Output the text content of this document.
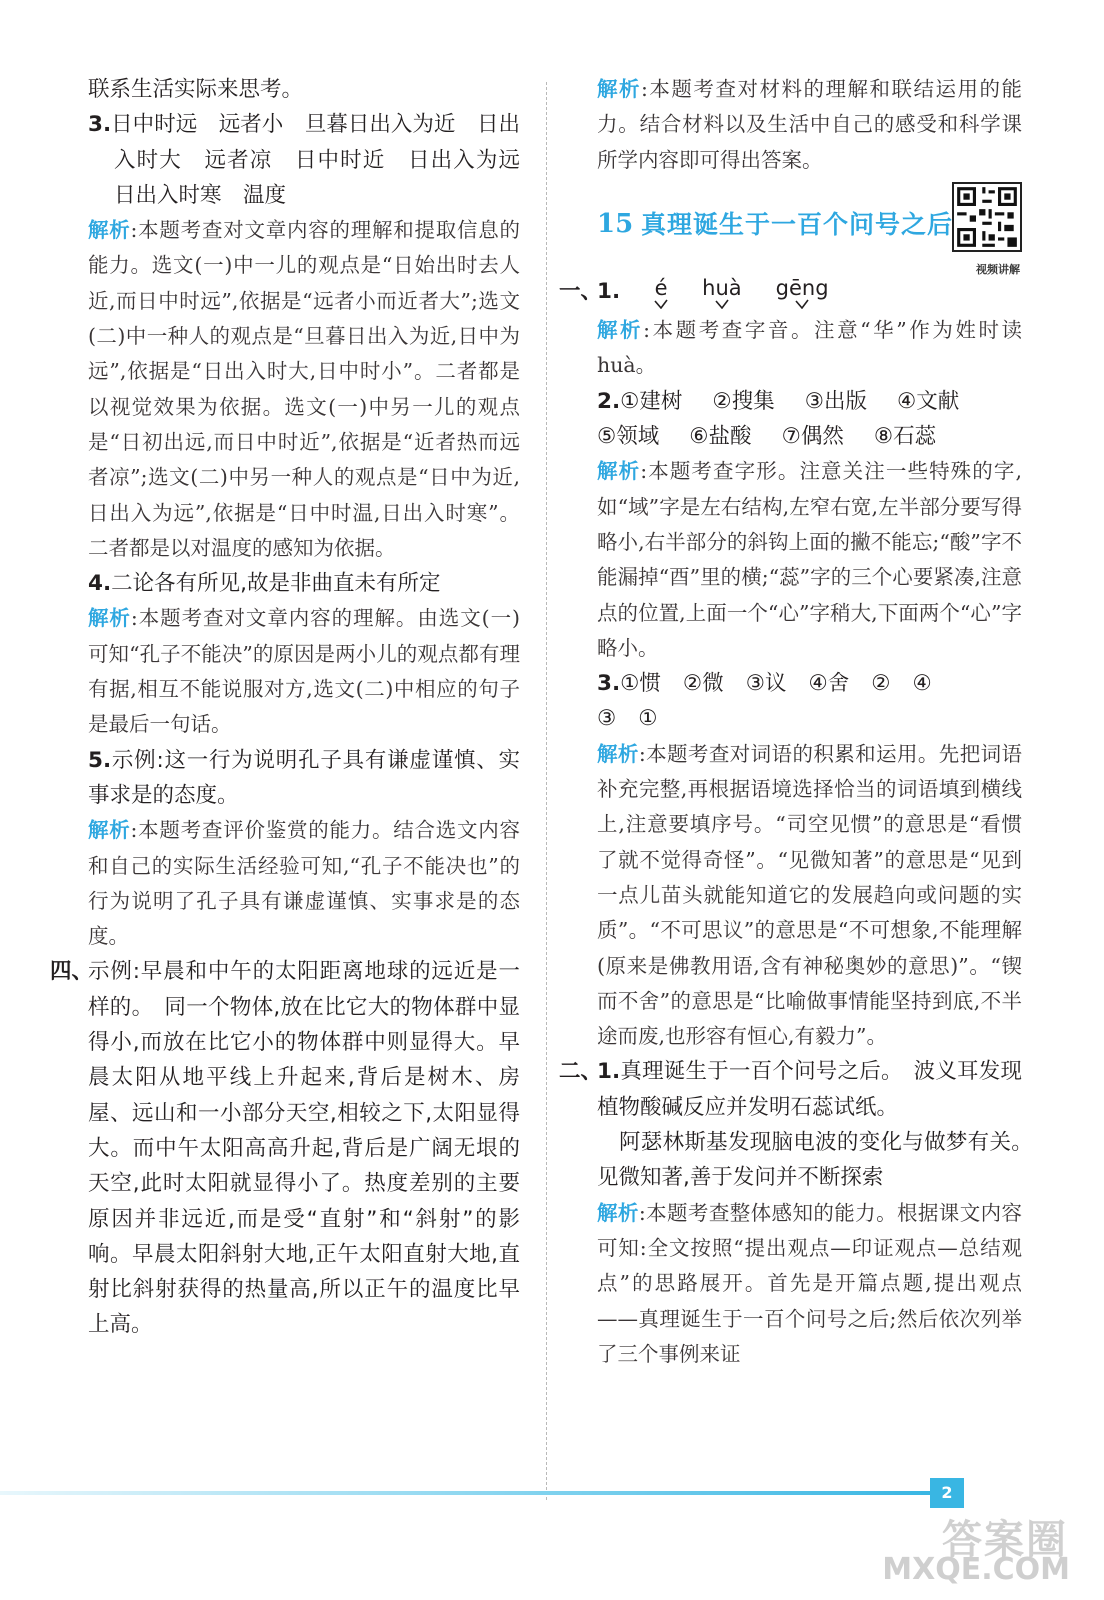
联系生活实际来思考。

3.日中时远　远者小　旦暮日出入为近　日出入时大　远者凉　日中时近　日出入为远　日出入时寒　温度

解析:本题考查对文章内容的理解和提取信息的能力。选文(一)中一儿的观点是“日始出时去人近,而日中时远”,依据是“远者小而近者大”;选文(二)中一种人的观点是“旦暮日出入为近,日中为远”,依据是“日出入时大,日中时小”。二者都是以视觉效果为依据。选文(一)中另一儿的观点是“日初出远,而日中时近”,依据是“近者热而远者凉”;选文(二)中另一种人的观点是“日中为近,日出入为远”,依据是“日中时温,日出入时寒”。二者都是以对温度的感知为依据。

4.二论各有所见,故是非曲直未有所定

解析:本题考查对文章内容的理解。由选文(一)可知“孔子不能决”的原因是两小儿的观点都有理有据,相互不能说服对方,选文(二)中相应的句子是最后一句话。

5.示例:这一行为说明孔子具有谦虚谨慎、实事求是的态度。

解析:本题考查评价鉴赏的能力。结合选文内容和自己的实际生活经验可知,“孔子不能决也”的行为说明了孔子具有谦虚谨慎、实事求是的态度。

四、
示例:早晨和中午的太阳距离地球的远近是一样的。　同一个物体,放在比它大的物体群中显得小,而放在比它小的物体群中则显得大。早晨太阳从地平线上升起来,背后是树木、房屋、远山和一小部分天空,相较之下,太阳显得大。而中午太阳高高升起,背后是广阔无垠的天空,此时太阳就显得小了。热度差别的主要原因并非远近,而是受“直射”和“斜射”的影响。早晨太阳斜射大地,正午太阳直射大地,直射比斜射获得的热量高,所以正午的温度比早上高。

解析:本题考查对材料的理解和联结运用的能力。结合材料以及生活中自己的感受和科学课所学内容即可得出答案。

15 真理诞生于一百个问号之后
视频讲解

一、
1. é huà gēng

解析:本题考查字音。注意“华”作为姓时读 huà。

2.①建树 ②搜集 ③出版 ④文献

⑤领域 ⑥盐酸 ⑦偶然 ⑧石蕊

解析:本题考查字形。注意关注一些特殊的字,如“域”字是左右结构,左窄右宽,左半部分要写得略小,右半部分的斜钩上面的撇不能忘;“酸”字不能漏掉“酉”里的横;“蕊”字的三个心要紧凑,注意点的位置,上面一个“心”字稍大,下面两个“心”字略小。

3.①惯 ②微 ③议 ④舍 ② ④

③ ①

解析:本题考查对词语的积累和运用。先把词语补充完整,再根据语境选择恰当的词语填到横线上,注意要填序号。“司空见惯”的意思是“看惯了就不觉得奇怪”。“见微知著”的意思是“见到一点儿苗头就能知道它的发展趋向或问题的实质”。“不可思议”的意思是“不可想象,不能理解(原来是佛教用语,含有神秘奥妙的意思)”。“锲而不舍”的意思是“比喻做事情能坚持到底,不半途而废,也形容有恒心,有毅力”。

二、
1.真理诞生于一百个问号之后。　波义耳发现植物酸碱反应并发明石蕊试纸。

阿瑟林斯基发现脑电波的变化与做梦有关。　见微知著,善于发问并不断探索

解析:本题考查整体感知的能力。根据课文内容可知:全文按照“提出观点—印证观点—总结观点”的思路展开。首先是开篇点题,提出观点——真理诞生于一百个问号之后;然后依次列举了三个事例来证

2
答案圈
MXQE.COM
